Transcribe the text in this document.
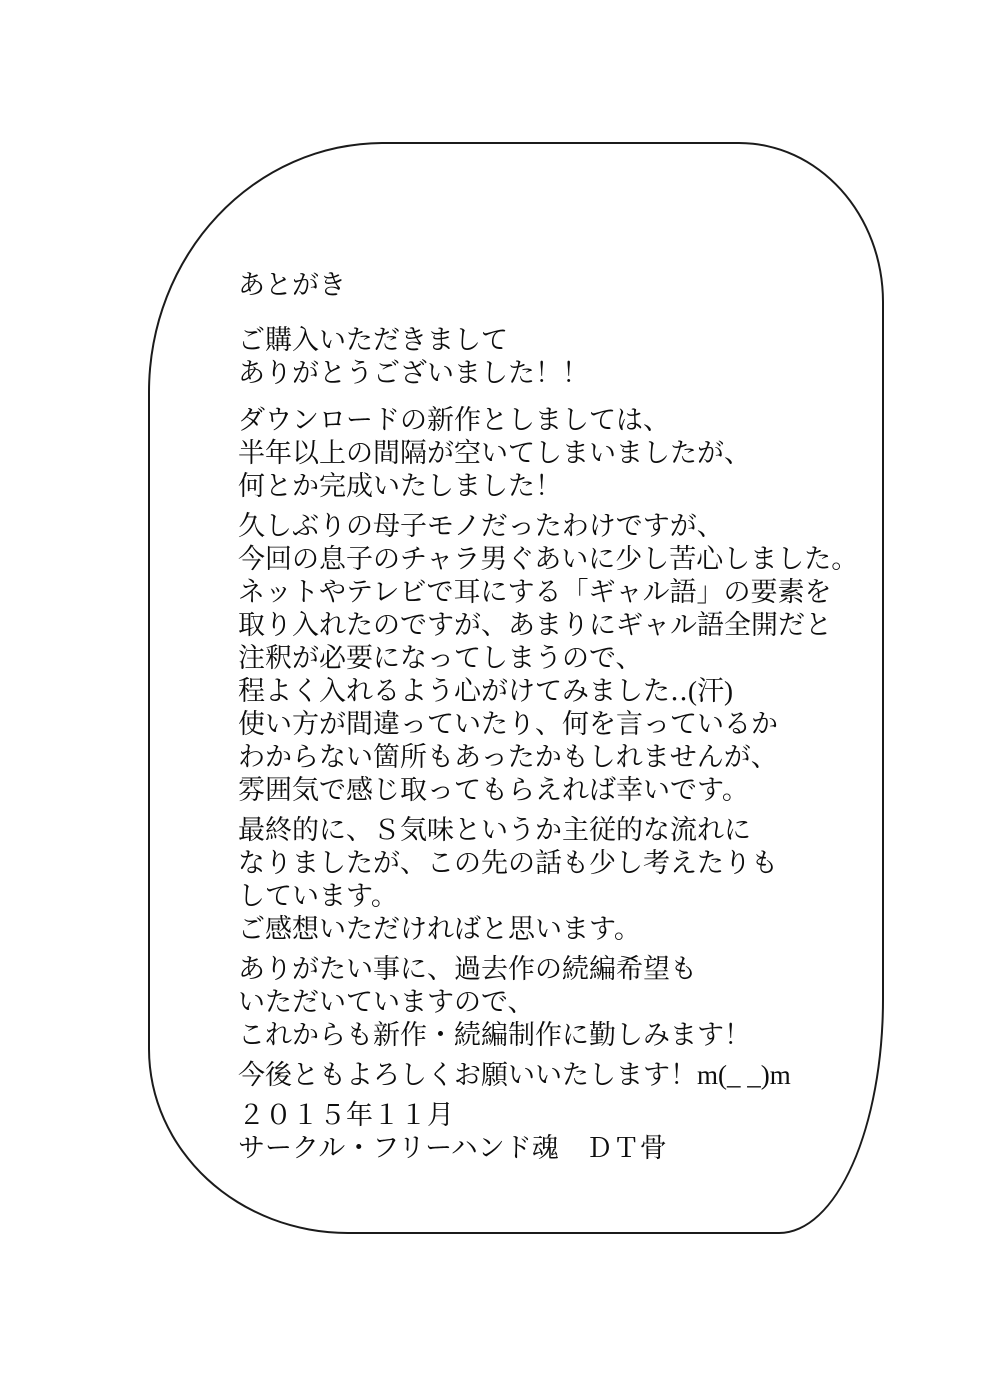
あとがき
ご購入いただきまして
ありがとうございました！！
ダウンロードの新作としましては、
半年以上の間隔が空いてしまいましたが、
何とか完成いたしました！
久しぶりの母子モノだったわけですが、
今回の息子のチャラ男ぐあいに少し苦心しました。
ネットやテレビで耳にする「ギャル語」の要素を
取り入れたのですが、あまりにギャル語全開だと
注釈が必要になってしまうので、
程よく入れるよう心がけてみました‥(汗)
使い方が間違っていたり、何を言っているか
わからない箇所もあったかもしれませんが、
雰囲気で感じ取ってもらえれば幸いです。
最終的に、Ｓ気味というか主従的な流れに
なりましたが、この先の話も少し考えたりも
しています。
ご感想いただければと思います。
ありがたい事に、過去作の続編希望も
いただいていますので、
これからも新作・続編制作に勤しみます！
今後ともよろしくお願いいたします！m(_ _)m
２０１５年１１月
サークル・フリーハンド魂　ＤＴ骨
